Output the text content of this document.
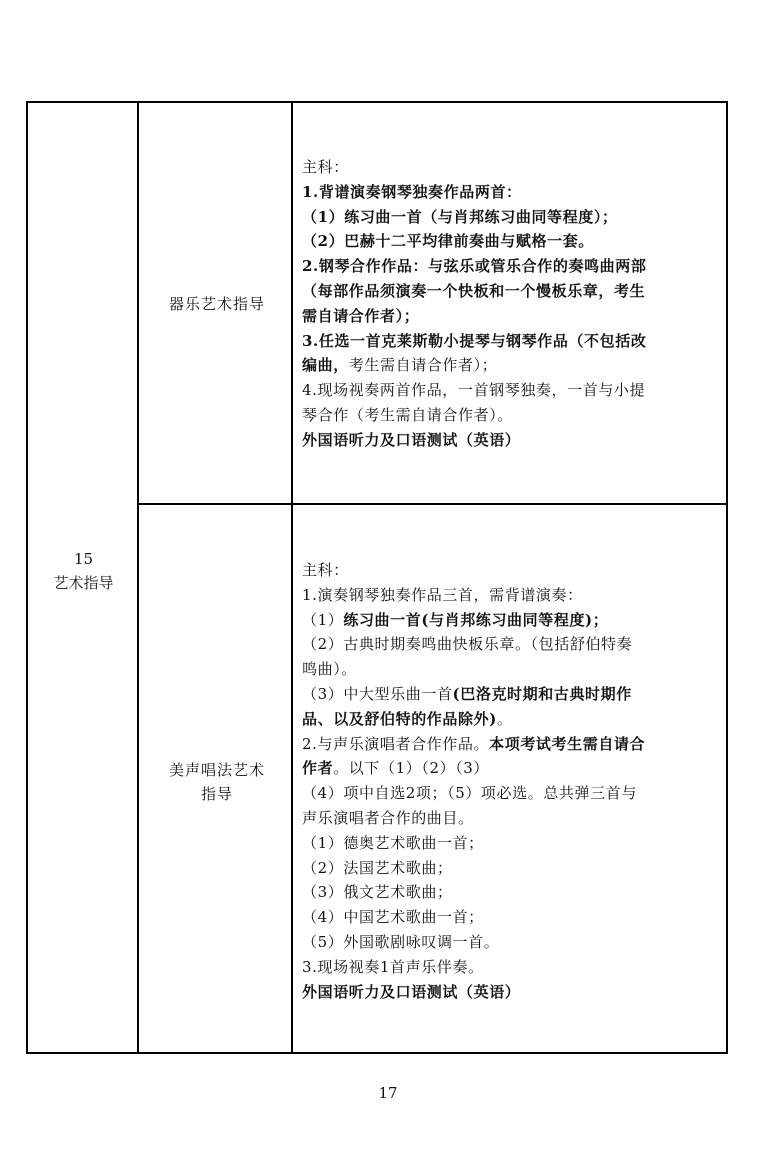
15
艺术指导
器乐艺术指导
美声唱法艺术
指导
主科：
1.背谱演奏钢琴独奏作品两首：
（1）练习曲一首（与肖邦练习曲同等程度）；
（2）巴赫十二平均律前奏曲与赋格一套。
2.钢琴合作作品：与弦乐或管乐合作的奏鸣曲两部
（每部作品须演奏一个快板和一个慢板乐章，考生
需自请合作者）；
3.任选一首克莱斯勒小提琴与钢琴作品（不包括改
编曲，考生需自请合作者）；
4.现场视奏两首作品，一首钢琴独奏，一首与小提
琴合作（考生需自请合作者）。
外国语听力及口语测试（英语）
主科：
1.演奏钢琴独奏作品三首，需背谱演奏：
（1）练习曲一首(与肖邦练习曲同等程度)；
（2）古典时期奏鸣曲快板乐章。（包括舒伯特奏
鸣曲）。
（3）中大型乐曲一首(巴洛克时期和古典时期作
品、以及舒伯特的作品除外)。
2.与声乐演唱者合作作品。本项考试考生需自请合
作者。以下（1）（2）（3）
（4）项中自选2项；（5）项必选。总共弹三首与
声乐演唱者合作的曲目。
（1）德奥艺术歌曲一首；
（2）法国艺术歌曲；
（3）俄文艺术歌曲；
（4）中国艺术歌曲一首；
（5）外国歌剧咏叹调一首。
3.现场视奏1首声乐伴奏。
外国语听力及口语测试（英语）
17
